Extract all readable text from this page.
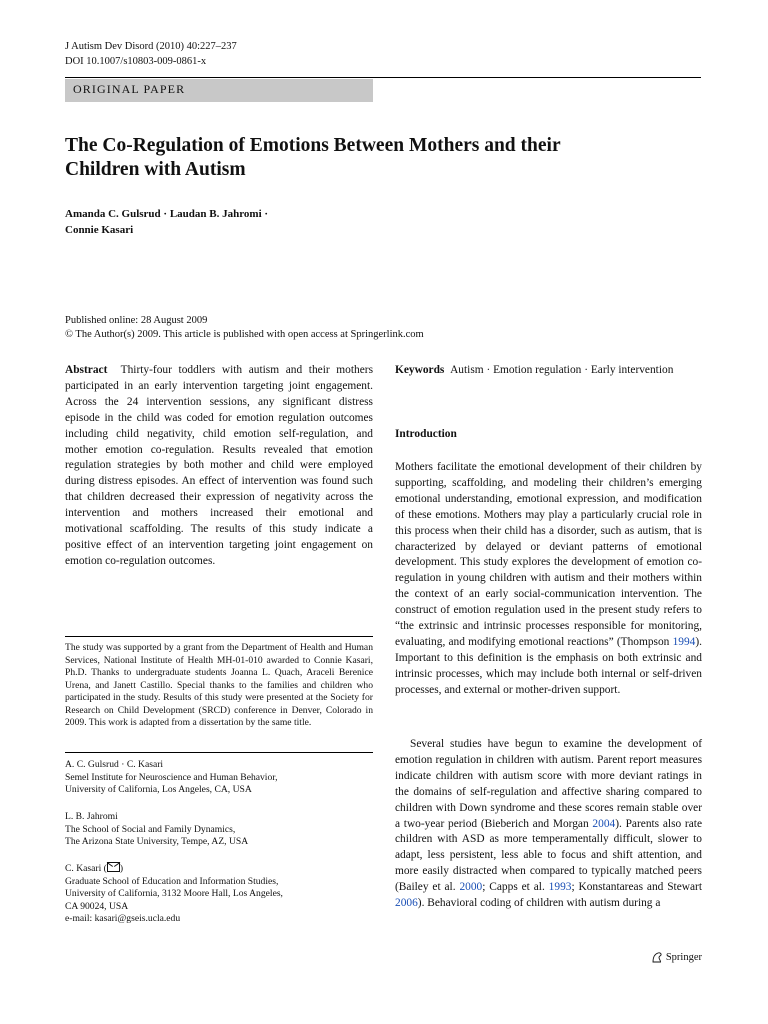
J Autism Dev Disord (2010) 40:227–237
DOI 10.1007/s10803-009-0861-x
ORIGINAL PAPER
The Co-Regulation of Emotions Between Mothers and their
Children with Autism
Amanda C. Gulsrud · Laudan B. Jahromi ·
Connie Kasari
Published online: 28 August 2009
© The Author(s) 2009. This article is published with open access at Springerlink.com
Abstract Thirty-four toddlers with autism and their mothers participated in an early intervention targeting joint engagement. Across the 24 intervention sessions, any significant distress episode in the child was coded for emotion regulation outcomes including child negativity, child emotion self-regulation, and mother emotion co-regulation. Results revealed that emotion regulation strategies by both mother and child were employed during distress episodes. An effect of intervention was found such that children decreased their expression of negativity across the intervention and mothers increased their emotional and motivational scaffolding. The results of this study indicate a positive effect of an intervention targeting joint engagement on emotion co-regulation outcomes.
The study was supported by a grant from the Department of Health and Human Services, National Institute of Health MH-01-010 awarded to Connie Kasari, Ph.D. Thanks to undergraduate students Joanna L. Quach, Araceli Berenice Urena, and Janett Castillo. Special thanks to the families and children who participated in the study. Results of this study were presented at the Society for Research on Child Development (SRCD) conference in Denver, Colorado in 2009. This work is adapted from a dissertation by the same title.
A. C. Gulsrud · C. Kasari
Semel Institute for Neuroscience and Human Behavior,
University of California, Los Angeles, CA, USA
L. B. Jahromi
The School of Social and Family Dynamics,
The Arizona State University, Tempe, AZ, USA
C. Kasari ( )
Graduate School of Education and Information Studies,
University of California, 3132 Moore Hall, Los Angeles,
CA 90024, USA
e-mail: kasari@gseis.ucla.edu
Keywords Autism · Emotion regulation · Early intervention
Introduction
Mothers facilitate the emotional development of their children by supporting, scaffolding, and modeling their children’s emerging emotional understanding, emotional expression, and modification of these emotions. Mothers may play a particularly crucial role in this process when their child has a disorder, such as autism, that is characterized by delayed or deviant patterns of emotional development. This study explores the development of emotion co-regulation in young children with autism and their mothers within the context of an early social-communication intervention. The construct of emotion regulation used in the present study refers to “the extrinsic and intrinsic processes responsible for monitoring, evaluating, and modifying emotional reactions” (Thompson 1994). Important to this definition is the emphasis on both extrinsic and intrinsic processes, which may include both internal or self-driven processes, and external or mother-driven support.
Several studies have begun to examine the development of emotion regulation in children with autism. Parent report measures indicate children with autism score with more deviant ratings in the domains of self-regulation and affective sharing compared to children with Down syndrome and these scores remain stable over a two-year period (Bieberich and Morgan 2004). Parents also rate children with ASD as more temperamentally difficult, slower to adapt, less persistent, less able to focus and shift attention, and more easily distracted when compared to typically matched peers (Bailey et al. 2000; Capps et al. 1993; Konstantareas and Stewart 2006). Behavioral coding of children with autism during a
Springer
